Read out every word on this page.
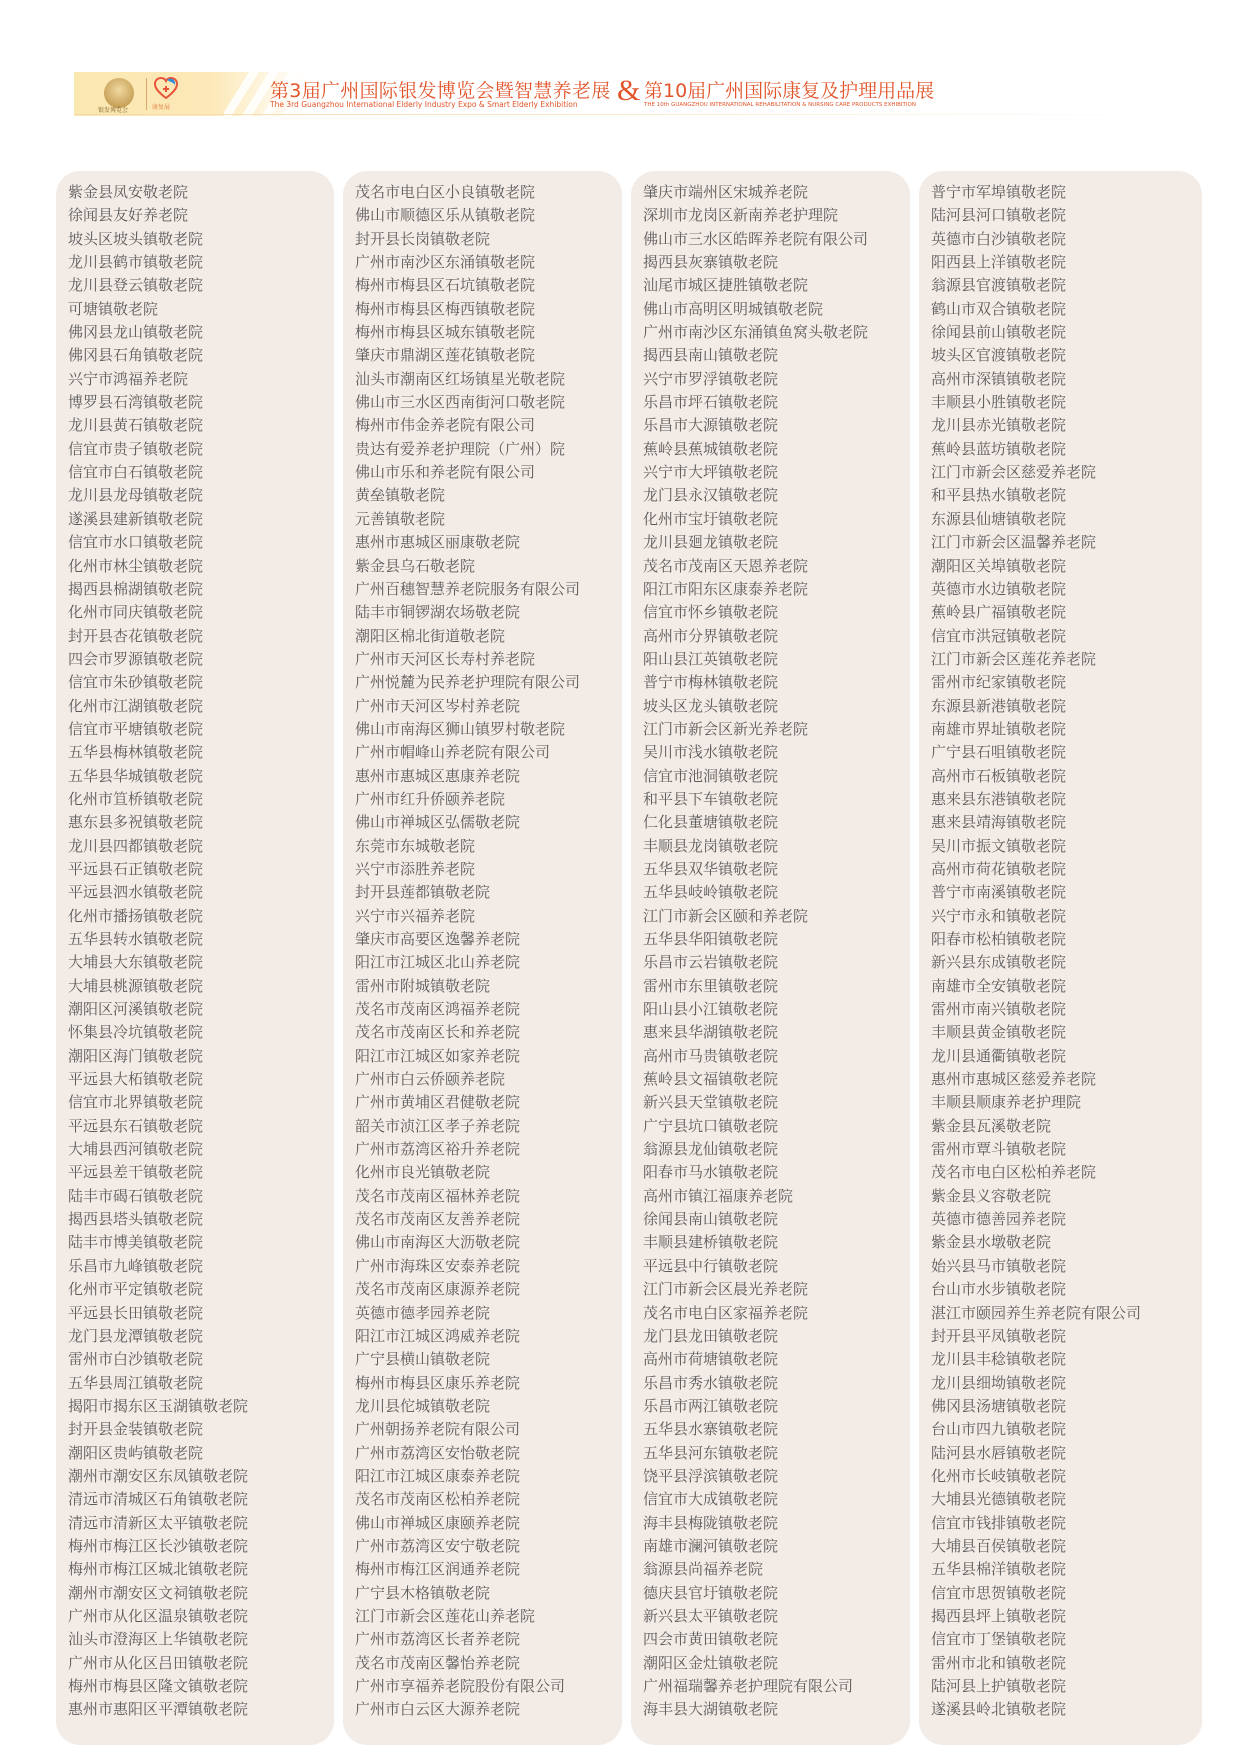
银发博览会	康复展
第3届广州国际银发博览会暨智慧养老展
The 3rd Guangzhou International Elderly Industry Expo & Smart Elderly Exhibition & 第10届广州国际康复及护理用品展
THE 10th GUANGZHOU INTERNATIONAL REHABILITATION & NURSING CARE PRODUCTS EXHIBITION
紫金县凤安敬老院
徐闻县友好养老院
坡头区坡头镇敬老院
龙川县鹤市镇敬老院
龙川县登云镇敬老院
可塘镇敬老院
佛冈县龙山镇敬老院
佛冈县石角镇敬老院
兴宁市鸿福养老院
博罗县石湾镇敬老院
龙川县黄石镇敬老院
信宜市贵子镇敬老院
信宜市白石镇敬老院
龙川县龙母镇敬老院
遂溪县建新镇敬老院
信宜市水口镇敬老院
化州市林尘镇敬老院
揭西县棉湖镇敬老院
化州市同庆镇敬老院
封开县杏花镇敬老院
四会市罗源镇敬老院
信宜市朱砂镇敬老院
化州市江湖镇敬老院
信宜市平塘镇敬老院
五华县梅林镇敬老院
五华县华城镇敬老院
化州市笪桥镇敬老院
惠东县多祝镇敬老院
龙川县四都镇敬老院
平远县石正镇敬老院
平远县泗水镇敬老院
化州市播扬镇敬老院
五华县转水镇敬老院
大埔县大东镇敬老院
大埔县桃源镇敬老院
潮阳区河溪镇敬老院
怀集县冷坑镇敬老院
潮阳区海门镇敬老院
平远县大柘镇敬老院
信宜市北界镇敬老院
平远县东石镇敬老院
大埔县西河镇敬老院
平远县差干镇敬老院
陆丰市碣石镇敬老院
揭西县塔头镇敬老院
陆丰市博美镇敬老院
乐昌市九峰镇敬老院
化州市平定镇敬老院
平远县长田镇敬老院
龙门县龙潭镇敬老院
雷州市白沙镇敬老院
五华县周江镇敬老院
揭阳市揭东区玉湖镇敬老院
封开县金装镇敬老院
潮阳区贵屿镇敬老院
潮州市潮安区东凤镇敬老院
清远市清城区石角镇敬老院
清远市清新区太平镇敬老院
梅州市梅江区长沙镇敬老院
梅州市梅江区城北镇敬老院
潮州市潮安区文祠镇敬老院
广州市从化区温泉镇敬老院
汕头市澄海区上华镇敬老院
广州市从化区吕田镇敬老院
梅州市梅县区隆文镇敬老院
惠州市惠阳区平潭镇敬老院
茂名市电白区小良镇敬老院
佛山市顺德区乐从镇敬老院
封开县长岗镇敬老院
广州市南沙区东涌镇敬老院
梅州市梅县区石坑镇敬老院
梅州市梅县区梅西镇敬老院
梅州市梅县区城东镇敬老院
肇庆市鼎湖区莲花镇敬老院
汕头市潮南区红场镇星光敬老院
佛山市三水区西南街河口敬老院
梅州市伟金养老院有限公司
贵达有爱养老护理院（广州）院
佛山市乐和养老院有限公司
黄垒镇敬老院
元善镇敬老院
惠州市惠城区丽康敬老院
紫金县乌石敬老院
广州百穗智慧养老院服务有限公司
陆丰市铜锣湖农场敬老院
潮阳区棉北街道敬老院
广州市天河区长寿村养老院
广州悦麓为民养老护理院有限公司
广州市天河区岑村养老院
佛山市南海区狮山镇罗村敬老院
广州市帽峰山养老院有限公司
惠州市惠城区惠康养老院
广州市红升侨颐养老院
佛山市禅城区弘儒敬老院
东莞市东城敬老院
兴宁市添胜养老院
封开县莲都镇敬老院
兴宁市兴福养老院
肇庆市高要区逸馨养老院
阳江市江城区北山养老院
雷州市附城镇敬老院
茂名市茂南区鸿福养老院
茂名市茂南区长和养老院
阳江市江城区如家养老院
广州市白云侨颐养老院
广州市黄埔区君健敬老院
韶关市浈江区孝子养老院
广州市荔湾区裕升养老院
化州市良光镇敬老院
茂名市茂南区福林养老院
茂名市茂南区友善养老院
佛山市南海区大沥敬老院
广州市海珠区安泰养老院
茂名市茂南区康源养老院
英德市德孝园养老院
阳江市江城区鸿威养老院
广宁县横山镇敬老院
梅州市梅县区康乐养老院
龙川县佗城镇敬老院
广州朝扬养老院有限公司
广州市荔湾区安怡敬老院
阳江市江城区康泰养老院
茂名市茂南区松柏养老院
佛山市禅城区康颐养老院
广州市荔湾区安宁敬老院
梅州市梅江区润通养老院
广宁县木格镇敬老院
江门市新会区莲花山养老院
广州市荔湾区长者养老院
茂名市茂南区馨怡养老院
广州市享福养老院股份有限公司
广州市白云区大源养老院
肇庆市端州区宋城养老院
深圳市龙岗区新南养老护理院
佛山市三水区皓晖养老院有限公司
揭西县灰寨镇敬老院
汕尾市城区捷胜镇敬老院
佛山市高明区明城镇敬老院
广州市南沙区东涌镇鱼窝头敬老院
揭西县南山镇敬老院
兴宁市罗浮镇敬老院
乐昌市坪石镇敬老院
乐昌市大源镇敬老院
蕉岭县蕉城镇敬老院
兴宁市大坪镇敬老院
龙门县永汉镇敬老院
化州市宝圩镇敬老院
龙川县廻龙镇敬老院
茂名市茂南区天恩养老院
阳江市阳东区康泰养老院
信宜市怀乡镇敬老院
高州市分界镇敬老院
阳山县江英镇敬老院
普宁市梅林镇敬老院
坡头区龙头镇敬老院
江门市新会区新光养老院
吴川市浅水镇敬老院
信宜市池洞镇敬老院
和平县下车镇敬老院
仁化县董塘镇敬老院
丰顺县龙岗镇敬老院
五华县双华镇敬老院
五华县岐岭镇敬老院
江门市新会区颐和养老院
五华县华阳镇敬老院
乐昌市云岩镇敬老院
雷州市东里镇敬老院
阳山县小江镇敬老院
惠来县华湖镇敬老院
高州市马贵镇敬老院
蕉岭县文福镇敬老院
新兴县天堂镇敬老院
广宁县坑口镇敬老院
翁源县龙仙镇敬老院
阳春市马水镇敬老院
高州市镇江福康养老院
徐闻县南山镇敬老院
丰顺县建桥镇敬老院
平远县中行镇敬老院
江门市新会区晨光养老院
茂名市电白区家福养老院
龙门县龙田镇敬老院
高州市荷塘镇敬老院
乐昌市秀水镇敬老院
乐昌市两江镇敬老院
五华县水寨镇敬老院
五华县河东镇敬老院
饶平县浮滨镇敬老院
信宜市大成镇敬老院
海丰县梅陇镇敬老院
南雄市澜河镇敬老院
翁源县尚福养老院
德庆县官圩镇敬老院
新兴县太平镇敬老院
四会市黄田镇敬老院
潮阳区金灶镇敬老院
广州福瑞馨养老护理院有限公司
海丰县大湖镇敬老院
普宁市军埠镇敬老院
陆河县河口镇敬老院
英德市白沙镇敬老院
阳西县上洋镇敬老院
翁源县官渡镇敬老院
鹤山市双合镇敬老院
徐闻县前山镇敬老院
坡头区官渡镇敬老院
高州市深镇镇敬老院
丰顺县小胜镇敬老院
龙川县赤光镇敬老院
蕉岭县蓝坊镇敬老院
江门市新会区慈爱养老院
和平县热水镇敬老院
东源县仙塘镇敬老院
江门市新会区温馨养老院
潮阳区关埠镇敬老院
英德市水边镇敬老院
蕉岭县广福镇敬老院
信宜市洪冠镇敬老院
江门市新会区莲花养老院
雷州市纪家镇敬老院
东源县新港镇敬老院
南雄市界址镇敬老院
广宁县石咀镇敬老院
高州市石板镇敬老院
惠来县东港镇敬老院
惠来县靖海镇敬老院
吴川市振文镇敬老院
高州市荷花镇敬老院
普宁市南溪镇敬老院
兴宁市永和镇敬老院
阳春市松柏镇敬老院
新兴县东成镇敬老院
南雄市全安镇敬老院
雷州市南兴镇敬老院
丰顺县黄金镇敬老院
龙川县通衢镇敬老院
惠州市惠城区慈爱养老院
丰顺县顺康养老护理院
紫金县瓦溪敬老院
雷州市覃斗镇敬老院
茂名市电白区松柏养老院
紫金县义容敬老院
英德市德善园养老院
紫金县水墩敬老院
始兴县马市镇敬老院
台山市水步镇敬老院
湛江市颐园养生养老院有限公司
封开县平凤镇敬老院
龙川县丰稔镇敬老院
龙川县细坳镇敬老院
佛冈县汤塘镇敬老院
台山市四九镇敬老院
陆河县水唇镇敬老院
化州市长岐镇敬老院
大埔县光德镇敬老院
信宜市钱排镇敬老院
大埔县百侯镇敬老院
五华县棉洋镇敬老院
信宜市思贺镇敬老院
揭西县坪上镇敬老院
信宜市丁堡镇敬老院
雷州市北和镇敬老院
陆河县上护镇敬老院
遂溪县岭北镇敬老院
